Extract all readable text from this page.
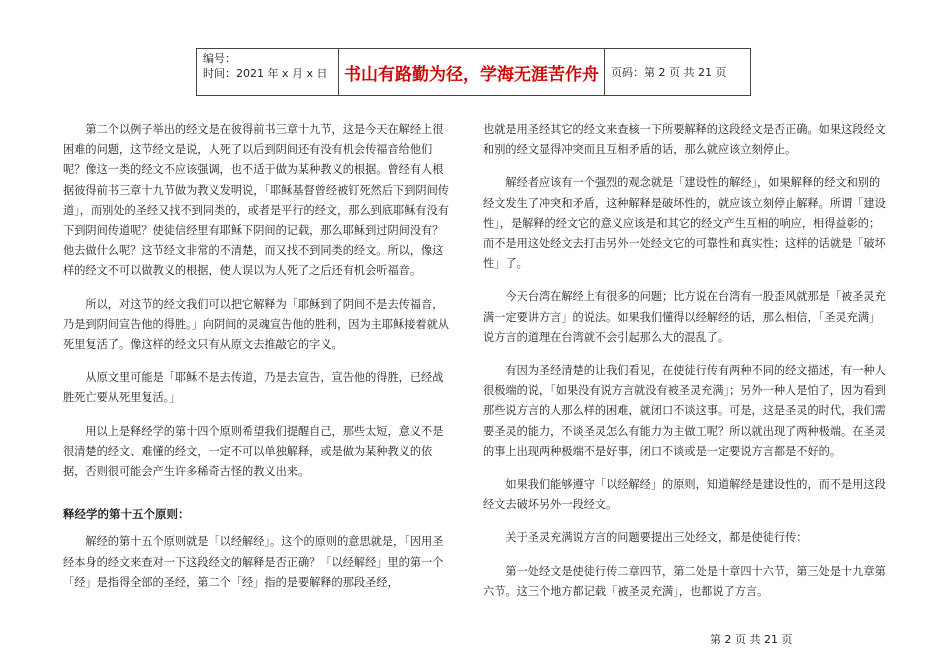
编号：
时间：2021 年 x 月 x 日 书山有路勤为径，学海无涯苦作舟	页码：第 2 页 共 21 页

第二个以例子举出的经文是在彼得前书三章十九节，这是今天在解经上很困难的问题，这节经文是说，人死了以后到阴间还有没有机会传福音给他们呢？像这一类的经文不应该强调，也不适于做为某种教义的根据。曾经有人根据彼得前书三章十九节做为教义发明说，「耶稣基督曾经被钉死然后下到阴间传道」，而别处的圣经又找不到同类的，或者是平行的经文，那么到底耶稣有没有下到阴间传道呢？使徒信经里有耶稣下阴间的记载，那么耶稣到过阴间没有？他去做什么呢？这节经文非常的不清楚，而又找不到同类的经文。所以，像这样的经文不可以做教义的根据，使人误以为人死了之后还有机会听福音。

所以，对这节的经文我们可以把它解释为「耶稣到了阴间不是去传福音，乃是到阴间宣告他的得胜。」向阴间的灵魂宣告他的胜利，因为主耶稣接着就从死里复活了。像这样的经文只有从原文去推敲它的字义。

从原文里可能是「耶稣不是去传道，乃是去宣告，宣告他的得胜，已经战胜死亡要从死里复活。」

用以上是释经学的第十四个原则希望我们提醒自己，那些太短，意义不是很清楚的经文、难懂的经文，一定不可以单独解释，或是做为某种教义的依据，否则很可能会产生许多稀奇古怪的教义出来。

释经学的第十五个原则：

解经的第十五个原则就是「以经解经」。这个的原则的意思就是，「因用圣经本身的经文来查对一下这段经文的解释是否正确？「以经解经」里的第一个「经」是指得全部的圣经，第二个「经」指的是要解释的那段圣经，

也就是用圣经其它的经文来查核一下所要解释的这段经文是否正确。如果这段经文和别的经文显得冲突而且互相矛盾的话，那么就应该立刻停止。

解经者应该有一个强烈的观念就是「建设性的解经」，如果解释的经文和别的经文发生了冲突和矛盾，这种解释是破坏性的，就应该立刻停止解释。所谓「建设性」，是解释的经文它的意义应该是和其它的经文产生互相的响应，相得益彰的；而不是用这处经文去打击另外一处经文它的可靠性和真实性；这样的话就是「破坏性」了。

今天台湾在解经上有很多的问题；比方说在台湾有一股歪风就那是「被圣灵充满一定要讲方言」的说法。如果我们懂得以经解经的话，那么相信，「圣灵充满」说方言的道理在台湾就不会引起那么大的混乱了。

有因为圣经清楚的让我们看见，在使徒行传有两种不同的经文描述，有一种人很极端的说，「如果没有说方言就没有被圣灵充满」；另外一种人是怕了，因为看到那些说方言的人那么样的困难，就闭口不谈这事。可是，这是圣灵的时代，我们需要圣灵的能力，不谈圣灵怎么有能力为主做工呢？所以就出现了两种极端。在圣灵的事上出现两种极端不是好事，闭口不谈或是一定要说方言都是不好的。

如果我们能够遵守「以经解经」的原则，知道解经是建设性的，而不是用这段经文去破坏另外一段经文。

关于圣灵充满说方言的问题要提出三处经文，都是使徒行传：

第一处经文是使徒行传二章四节，第二处是十章四十六节，第三处是十九章第六节。这三个地方都记载「被圣灵充满」，也都说了方言。

第 2 页 共 21 页
